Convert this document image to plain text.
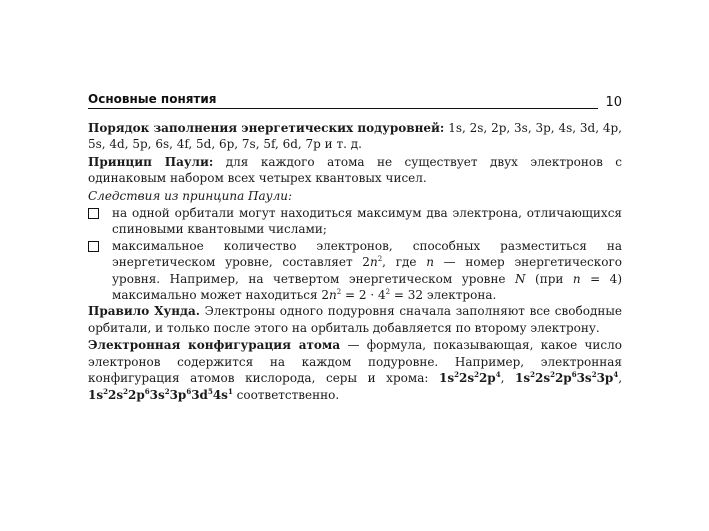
Основные понятия	10

Порядок заполнения энергетических подуровней: 1s, 2s, 2p, 3s, 3p, 4s, 3d, 4p, 5s, 4d, 5p, 6s, 4f, 5d, 6p, 7s, 5f, 6d, 7p и т. д.

Принцип Паули: для каждого атома не существует двух электронов с одинаковым набором всех четырех квантовых чисел.

Следствия из принципа Паули:

на одной орбитали могут находиться максимум два электрона, отличающихся спиновыми квантовыми числами;
максимальное количество электронов, способных разместиться на энергетическом уровне, составляет $2n^2$, где n — номер энергетического уровня. Например, на четвертом энергетическом уровне N (при n = 4) максимально может находиться $2n^2 = 2 \cdot 4^2 = 32$ электрона.

Правило Хунда. Электроны одного подуровня сначала заполняют все свободные орбитали, и только после этого на орбиталь добавляется по второму электрону.

Электронная конфигурация атома — формула, показывающая, какое число электронов содержится на каждом подуровне. Например, электронная конфигурация атомов кислорода, серы и хрома: $1s^22s^22p^4$, $1s^22s^22p^63s^23p^4$, $1s^22s^22p^63s^23p^63d^54s^1$ соответственно.
